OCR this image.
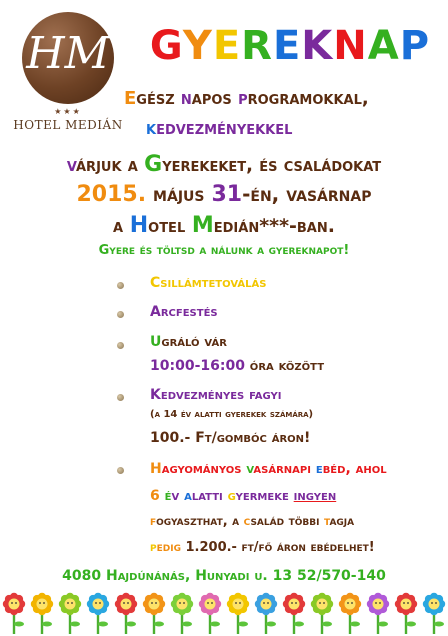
HM
★★★
HOTEL MEDIÁN
GYEREKNAP
Egész napos programokkal,
kedvezményekkel
várjuk a Gyerekeket, és családokat
2015. május 31-én, vasárnap
a Hotel Medián***-ban.
Gyere és töltsd a nálunk a gyereknapot!
Csillámtetoválás
Arcfestés
Ugráló vár
10:00-16:00 óra között
Kedvezményes fagyi
(a 14 év alatti gyerekek számára)
100.- Ft/gombóc áron!
Hagyományos vasárnapi ebéd, ahol
6 év alatti gyermeke ingyen
fogyaszthat, a család többi tagja
pedig 1.200.- ft/fő áron ebédelhet!
4080 Hajdúnánás, Hunyadi u. 13 52/570-140
